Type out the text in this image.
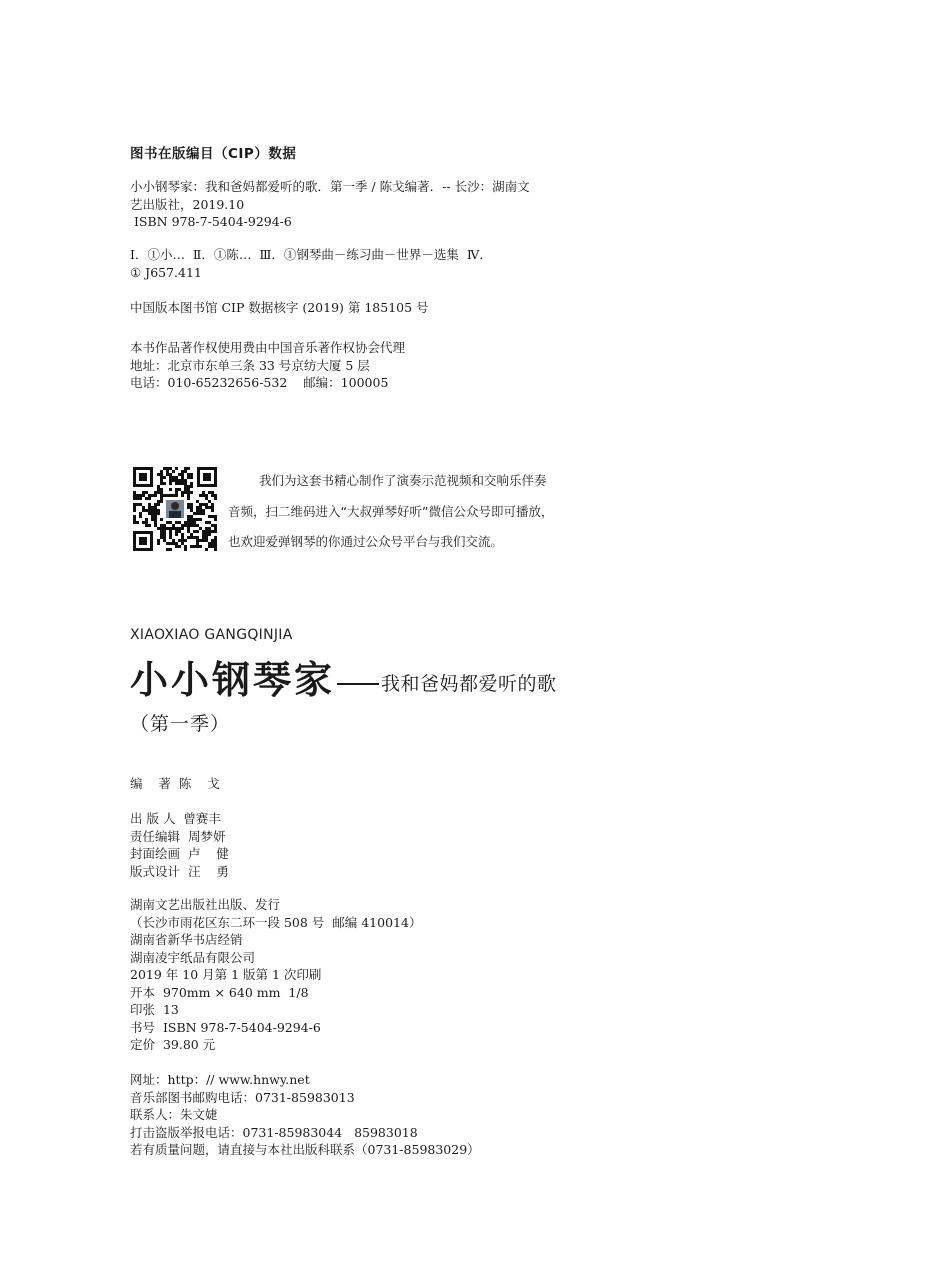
图书在版编目（CIP）数据
小小钢琴家：我和爸妈都爱听的歌．第一季 / 陈戈编著．-- 长沙：湖南文
艺出版社，2019.10
ISBN 978-7-5404-9294-6
Ⅰ．①小…  Ⅱ．①陈…  Ⅲ．①钢琴曲－练习曲－世界－选集  Ⅳ．
① J657.411
中国版本图书馆 CIP 数据核字 (2019) 第 185105 号
本书作品著作权使用费由中国音乐著作权协会代理
地址：北京市东单三条 33 号京纺大厦 5 层
电话：010-65232656-532    邮编：100005
我们为这套书精心制作了演奏示范视频和交响乐伴奏
音频，扫二维码进入“大叔弹琴好听”微信公众号即可播放，
也欢迎爱弹钢琴的你通过公众号平台与我们交流。
XIAOXIAO GANGQINJIA
小小钢琴家 我和爸妈都爱听的歌
（第一季）
编    著  陈    戈
出 版 人  曾赛丰
责任编辑  周梦妍
封面绘画  卢    健
版式设计  汪    勇
湖南文艺出版社出版、发行
（长沙市雨花区东二环一段 508 号  邮编 410014）
湖南省新华书店经销
湖南凌宇纸品有限公司
2019 年 10 月第 1 版第 1 次印刷
开本  970mm × 640 mm  1/8
印张  13
书号  ISBN 978-7-5404-9294-6
定价  39.80 元
网址：http：// www.hnwy.net
音乐部图书邮购电话：0731-85983013
联系人：朱文婕
打击盗版举报电话：0731-85983044   85983018
若有质量问题，请直接与本社出版科联系（0731-85983029）
